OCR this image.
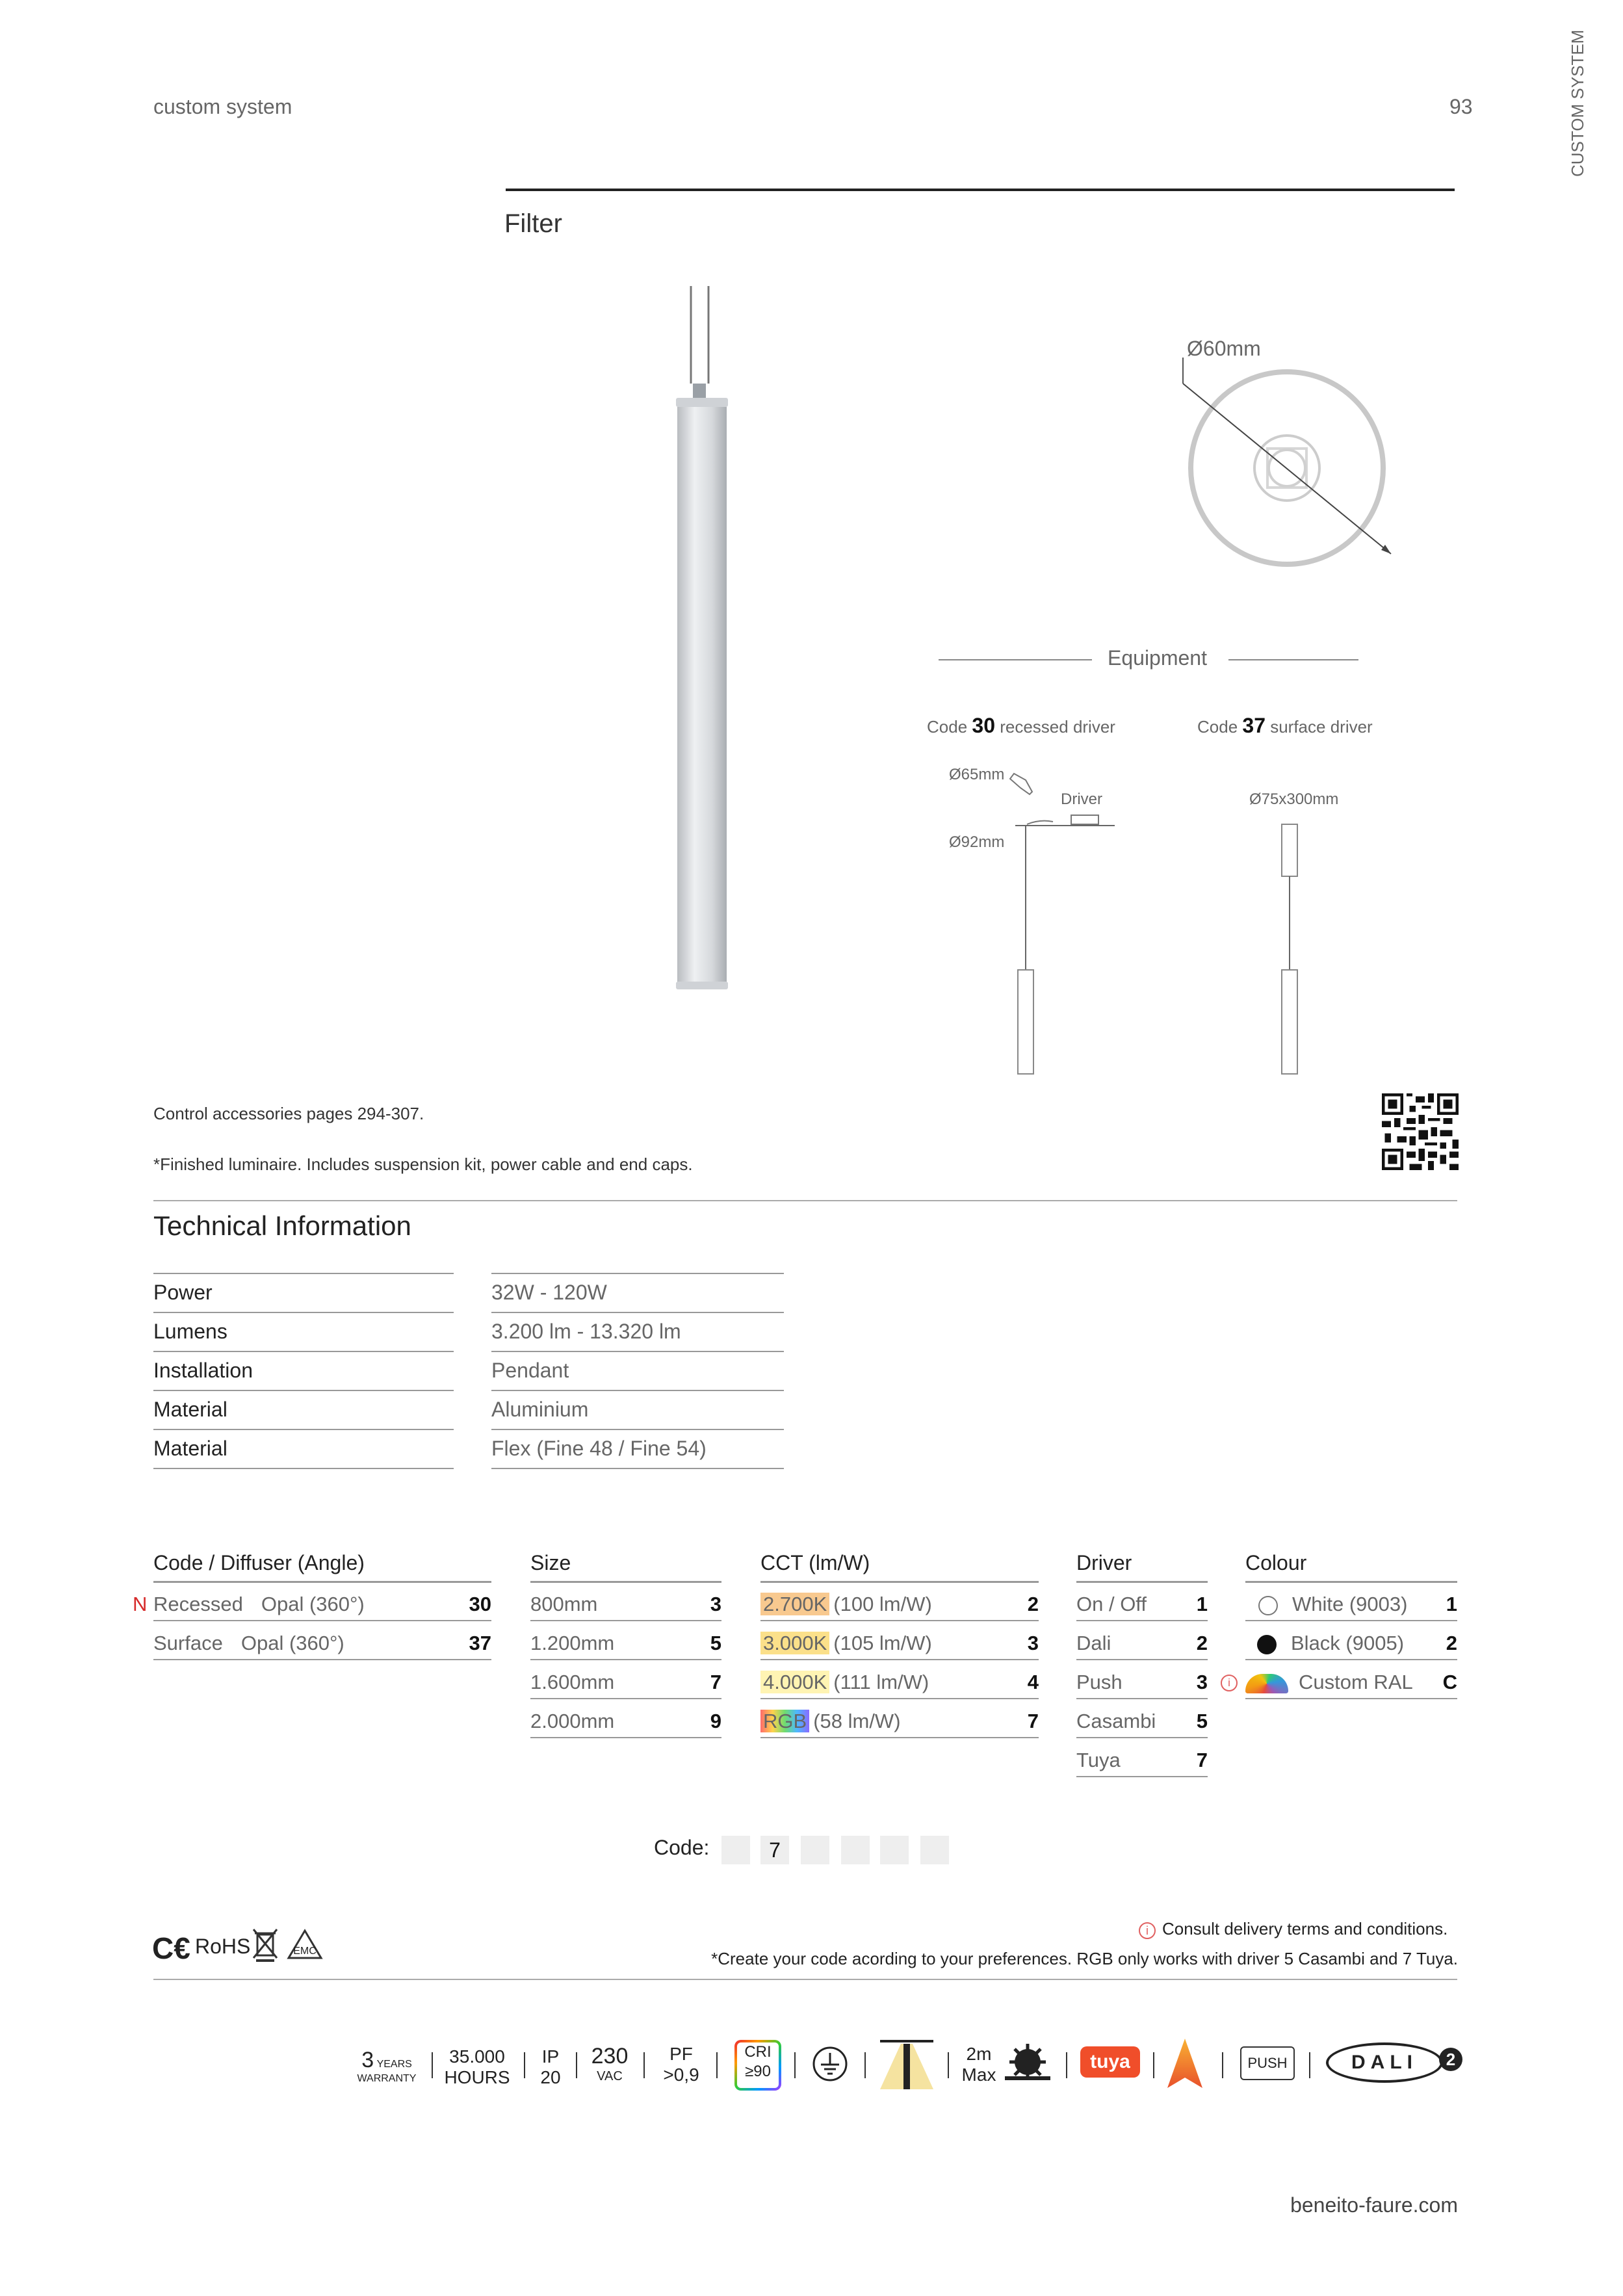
custom system	93	CUSTOM SYSTEM
Filter
Ø60mm
Equipment
Code 30 recessed driver	Code 37 surface driver
Ø65mm
Driver
Ø92mm
Ø75x300mm
Control accessories pages 294-307.
*Finished luminaire. Includes suspension kit, power cable and end caps.
Technical Information
Power	32W - 120W
Lumens	3.200 lm - 13.320 lm
Installation	Pendant
Material	Aluminium
Material	Flex (Fine 48 / Fine 54)
Code / Diffuser (Angle)
Recessed Opal (360°)	30
Surface Opal (360°)	37
Size
800mm	3
1.200mm	5
1.600mm	7
2.000mm	9
CCT (lm/W)
2.700K (100 lm/W)	2
3.000K (105 lm/W)	3
4.000K (111 lm/W)	4
RGB (58 lm/W)	7
Driver
On / Off 1
Dali	2
Push	3
Casambi 5
Tuya	7
Colour
White (9003) 1
Black (9005) 2
Custom RAL C
N
i
Code:	7
C€ RoHS	EMC
i Consult delivery terms and conditions.
*Create your code acording to your preferences. RGB only works with driver 5 Casambi and 7 Tuya.
3 YEARS
WARRANTY
35.000
HOURS
IP
20
230
VAC
PF
>0,9
CRI
≥90
2m
Max
tuya	PUSH	DALI	2
beneito-faure.com
